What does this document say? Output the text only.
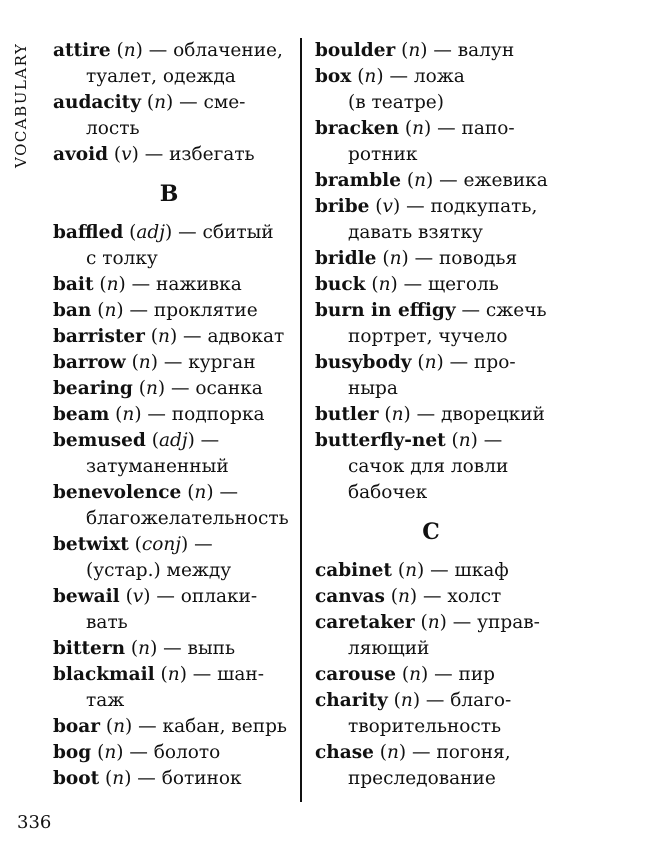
VOCABULARY attire (n) — облачение,
туалет, одежда
audacity (n) — сме-
лость
avoid (v) — избегать
B
baffled (adj) — сбитый
с толку
bait (n) — наживка
ban (n) — проклятие
barrister (n) — адвокат
barrow (n) — курган
bearing (n) — осанка
beam (n) — подпорка
bemused (adj) —
затуманенный
benevolence (n) —
благожелательность
betwixt (conj) —
(устар.) между
bewail (v) — оплаки-
вать
bittern (n) — выпь
blackmail (n) — шан-
таж
boar (n) — кабан, вепрь
bog (n) — болото
boot (n) — ботинок
boulder (n) — валун
box (n) — ложа
(в театре)
bracken (n) — папо-
ротник
bramble (n) — ежевика
bribe (v) — подкупать,
давать взятку
bridle (n) — поводья
buck (n) — щеголь
burn in effigy — сжечь
портрет, чучело
busybody (n) — про-
ныра
butler (n) — дворецкий
butterfly-net (n) —
сачок для ловли
бабочек
C
cabinet (n) — шкаф
canvas (n) — холст
caretaker (n) — управ-
ляющий
carouse (n) — пир
charity (n) — благо-
творительность
chase (n) — погоня,
преследование
336
